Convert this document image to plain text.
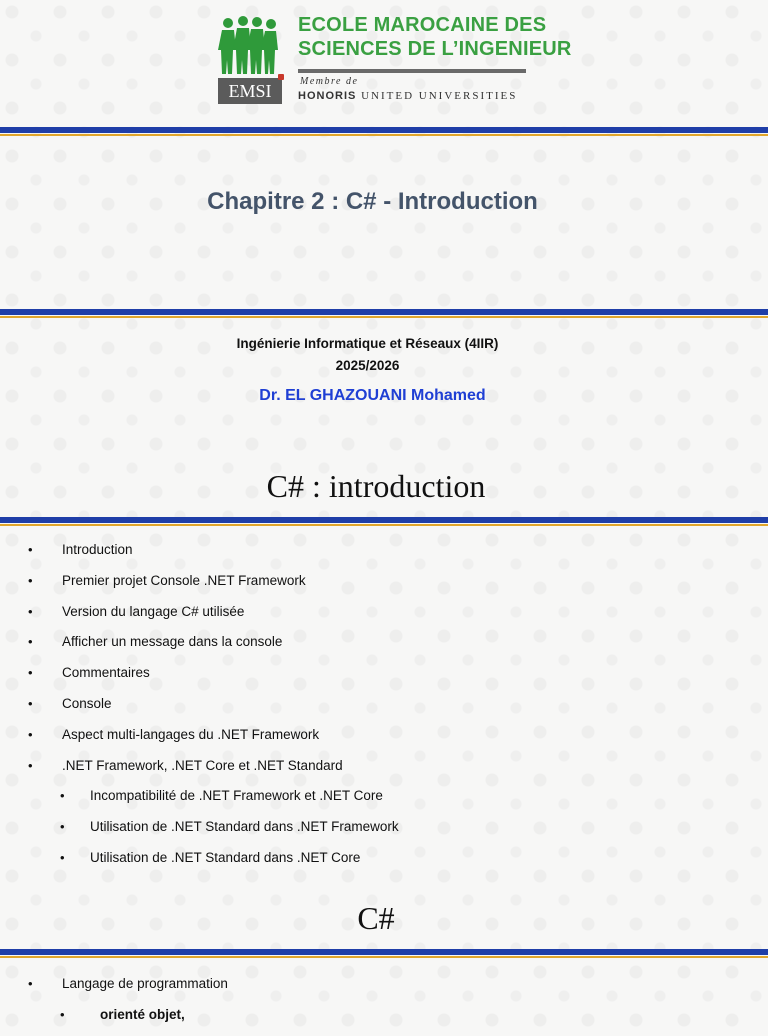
EMSI
ECOLE MAROCAINE DES
SCIENCES DE L’INGENIEUR
Membre de
HONORIS UNITED UNIVERSITIES
Chapitre 2 : C# - Introduction
Ingénierie Informatique et Réseaux (4IIR)
2025/2026
Dr. EL GHAZOUANI Mohamed
C# : introduction
• Introduction
• Premier projet Console .NET Framework
• Version du langage C# utilisée
• Afficher un message dans la console
• Commentaires
• Console
• Aspect multi-langages du .NET Framework
• .NET Framework, .NET Core et .NET Standard
• Incompatibilité de .NET Framework et .NET Core
• Utilisation de .NET Standard dans .NET Framework
• Utilisation de .NET Standard dans .NET Core
C#
• Langage de programmation
•	orienté objet,
